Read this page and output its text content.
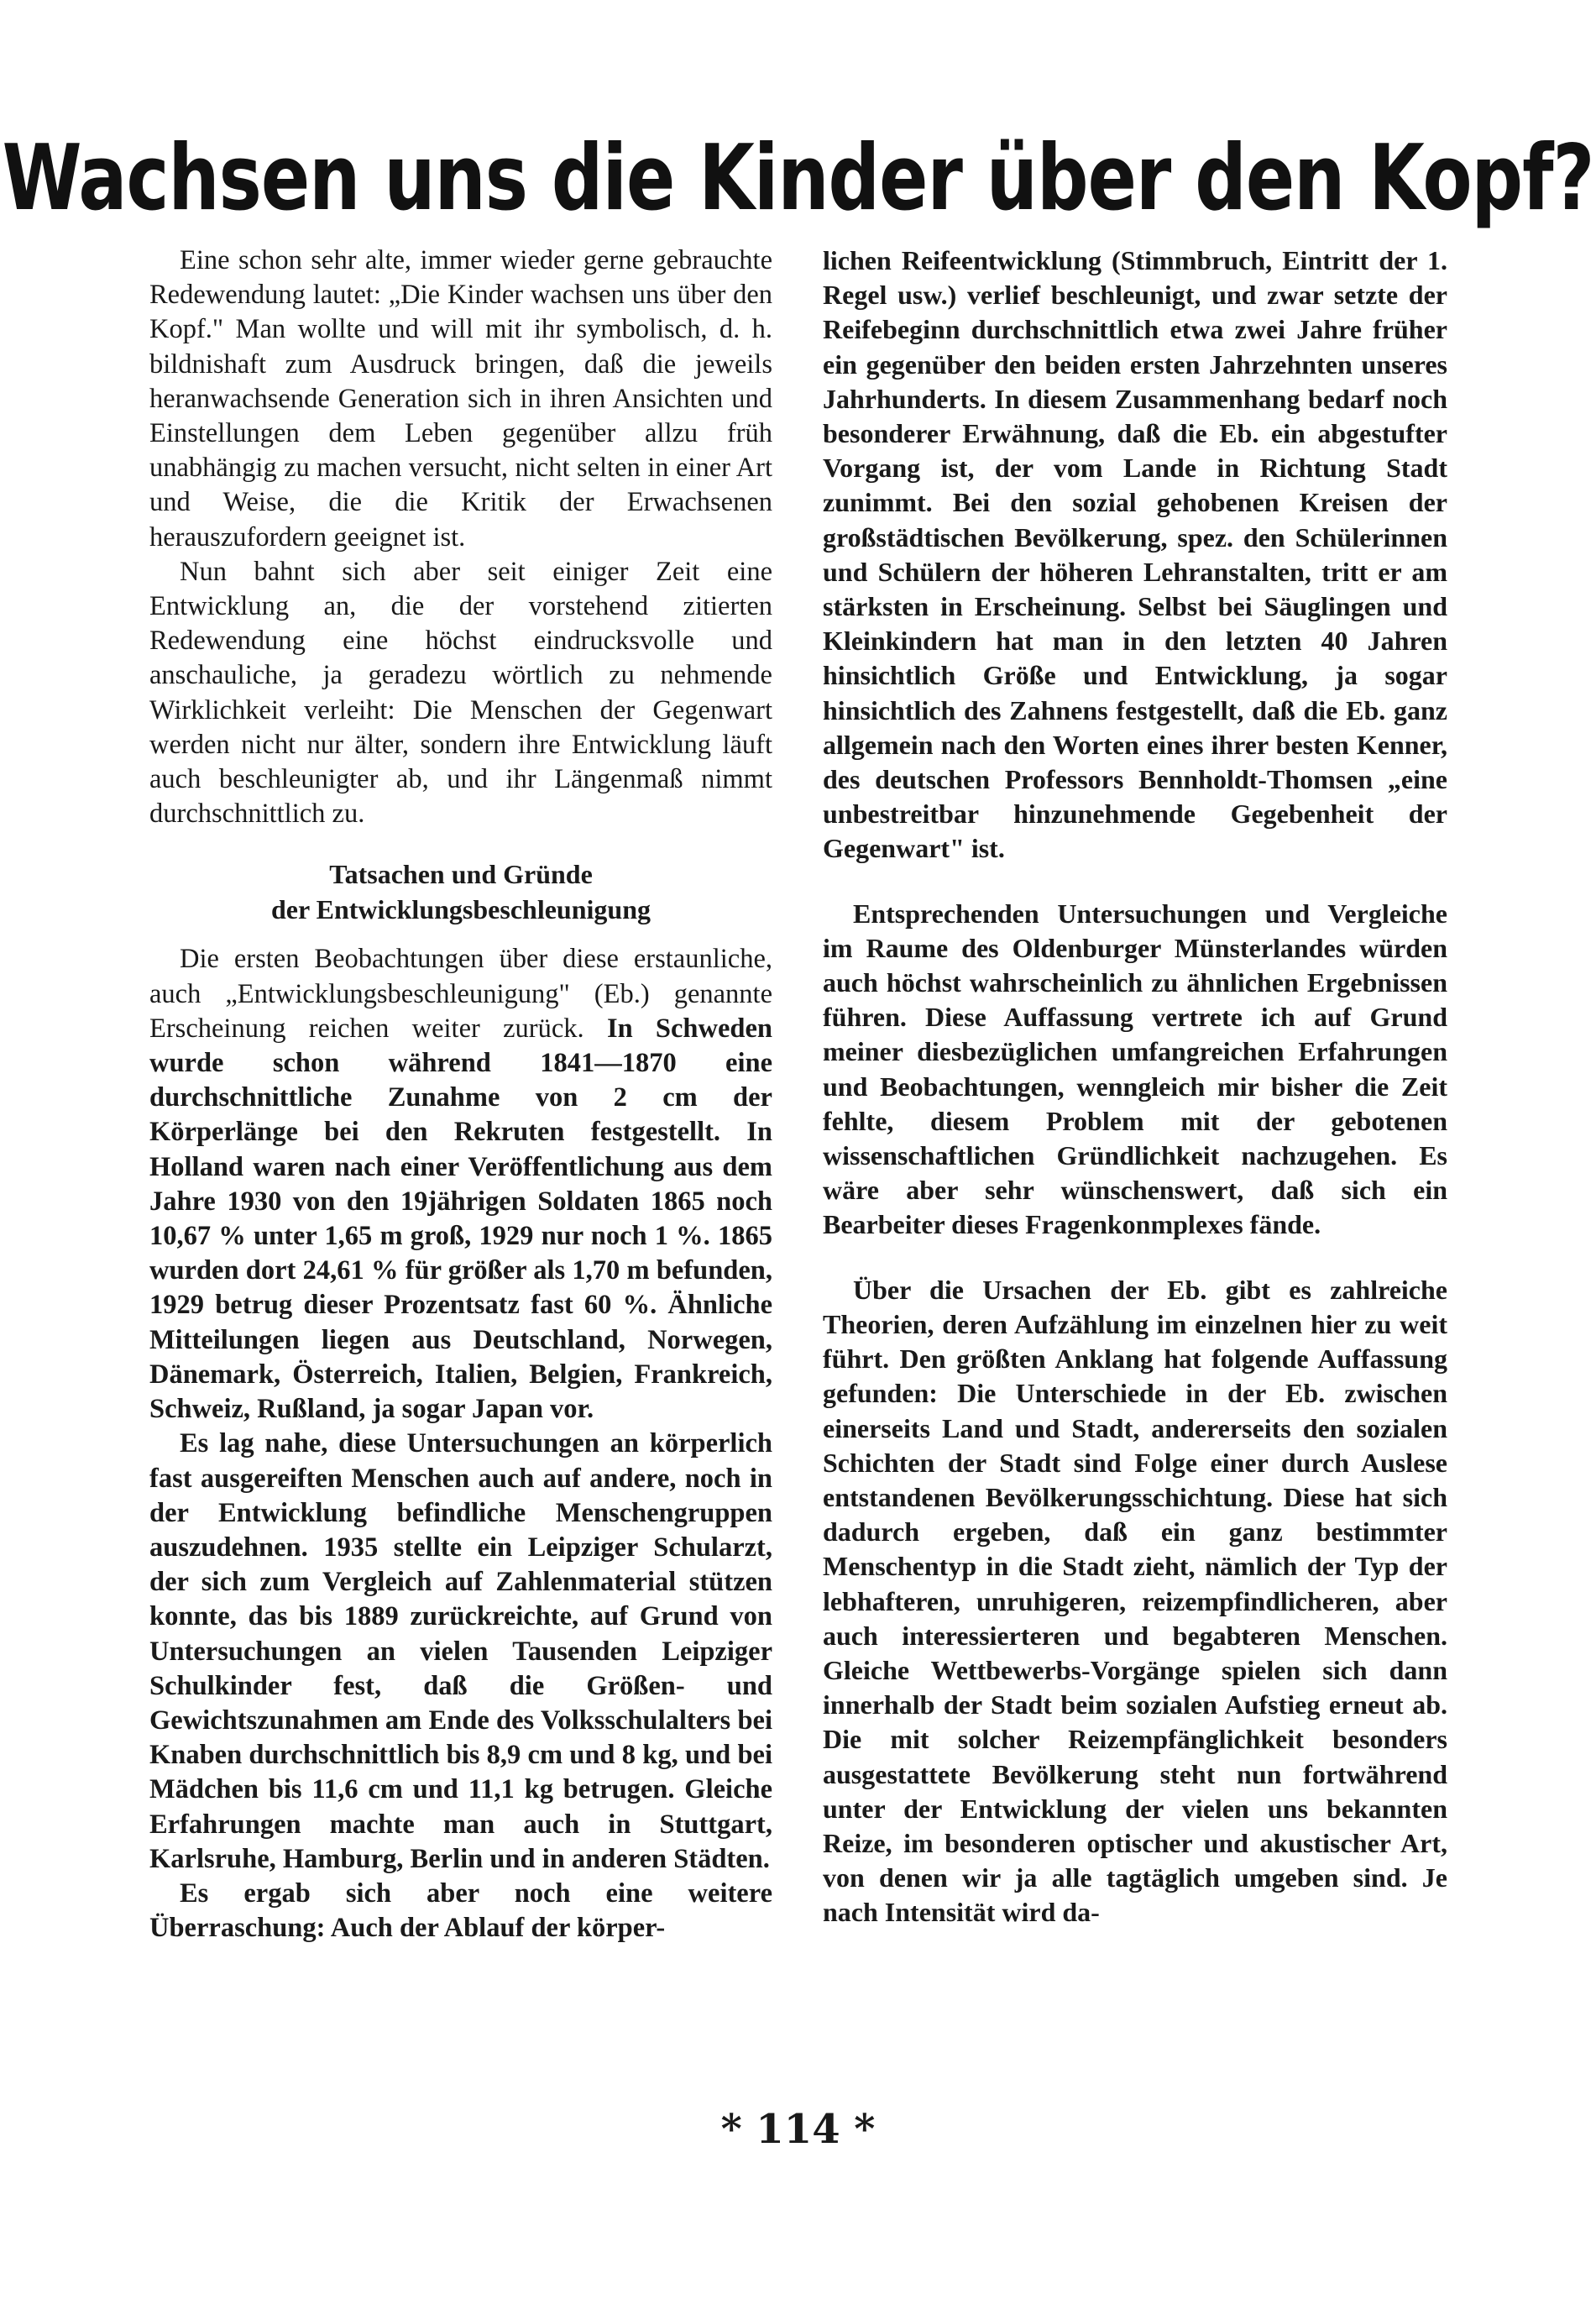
Wachsen uns die Kinder über den Kopf?

Eine schon sehr alte, immer wieder gerne gebrauchte Redewendung lautet: „Die Kinder wachsen uns über den Kopf." Man wollte und will mit ihr symbolisch, d. h. bildnishaft zum Ausdruck bringen, daß die jeweils heranwachsende Generation sich in ihren Ansichten und Einstellungen dem Leben gegenüber allzu früh unabhängig zu machen versucht, nicht selten in einer Art und Weise, die die Kritik der Erwachsenen herauszufordern geeignet ist.

Nun bahnt sich aber seit einiger Zeit eine Entwicklung an, die der vorstehend zitierten Redewendung eine höchst eindrucksvolle und anschauliche, ja geradezu wörtlich zu nehmende Wirklichkeit verleiht: Die Menschen der Gegenwart werden nicht nur älter, sondern ihre Entwicklung läuft auch beschleunigter ab, und ihr Längenmaß nimmt durchschnittlich zu.

Tatsachen und Gründe
der Entwicklungsbeschleunigung

Die ersten Beobachtungen über diese erstaunliche, auch „Entwicklungsbeschleunigung" (Eb.) genannte Erscheinung reichen weiter zurück. In Schweden wurde schon während 1841—1870 eine durchschnittliche Zunahme von 2 cm der Körperlänge bei den Rekruten festgestellt. In Holland waren nach einer Veröffentlichung aus dem Jahre 1930 von den 19jährigen Soldaten 1865 noch 10,67 % unter 1,65 m groß, 1929 nur noch 1 %. 1865 wurden dort 24,61 % für größer als 1,70 m befunden, 1929 betrug dieser Prozentsatz fast 60 %. Ähnliche Mitteilungen liegen aus Deutschland, Norwegen, Dänemark, Österreich, Italien, Belgien, Frankreich, Schweiz, Rußland, ja sogar Japan vor.

Es lag nahe, diese Untersuchungen an körperlich fast ausgereiften Menschen auch auf andere, noch in der Entwicklung befindliche Menschengruppen auszudehnen. 1935 stellte ein Leipziger Schularzt, der sich zum Vergleich auf Zahlenmaterial stützen konnte, das bis 1889 zurückreichte, auf Grund von Untersuchungen an vielen Tausenden Leipziger Schulkinder fest, daß die Größen- und Gewichtszunahmen am Ende des Volksschulalters bei Knaben durchschnittlich bis 8,9 cm und 8 kg, und bei Mädchen bis 11,6 cm und 11,1 kg betrugen. Gleiche Erfahrungen machte man auch in Stuttgart, Karlsruhe, Hamburg, Berlin und in anderen Städten.

Es ergab sich aber noch eine weitere Überraschung: Auch der Ablauf der körper-

lichen Reifeentwicklung (Stimmbruch, Eintritt der 1. Regel usw.) verlief beschleunigt, und zwar setzte der Reifebeginn durchschnittlich etwa zwei Jahre früher ein gegenüber den beiden ersten Jahrzehnten unseres Jahrhunderts. In diesem Zusammenhang bedarf noch besonderer Erwähnung, daß die Eb. ein abgestufter Vorgang ist, der vom Lande in Richtung Stadt zunimmt. Bei den sozial gehobenen Kreisen der großstädtischen Bevölkerung, spez. den Schülerinnen und Schülern der höheren Lehranstalten, tritt er am stärksten in Erscheinung. Selbst bei Säuglingen und Kleinkindern hat man in den letzten 40 Jahren hinsichtlich Größe und Entwicklung, ja sogar hinsichtlich des Zahnens festgestellt, daß die Eb. ganz allgemein nach den Worten eines ihrer besten Kenner, des deutschen Professors Bennholdt-Thomsen „eine unbestreitbar hinzunehmende Gegebenheit der Gegenwart" ist.

Entsprechenden Untersuchungen und Vergleiche im Raume des Oldenburger Münsterlandes würden auch höchst wahrscheinlich zu ähnlichen Ergebnissen führen. Diese Auffassung vertrete ich auf Grund meiner diesbezüglichen umfangreichen Erfahrungen und Beobachtungen, wenngleich mir bisher die Zeit fehlte, diesem Problem mit der gebotenen wissenschaftlichen Gründlichkeit nachzugehen. Es wäre aber sehr wünschenswert, daß sich ein Bearbeiter dieses Fragenkonmplexes fände.

Über die Ursachen der Eb. gibt es zahlreiche Theorien, deren Aufzählung im einzelnen hier zu weit führt. Den größten Anklang hat folgende Auffassung gefunden: Die Unterschiede in der Eb. zwischen einerseits Land und Stadt, andererseits den sozialen Schichten der Stadt sind Folge einer durch Auslese entstandenen Bevölkerungsschichtung. Diese hat sich dadurch ergeben, daß ein ganz bestimmter Menschentyp in die Stadt zieht, nämlich der Typ der lebhafteren, unruhigeren, reizempfindlicheren, aber auch interessierteren und begabteren Menschen. Gleiche Wettbewerbs-Vorgänge spielen sich dann innerhalb der Stadt beim sozialen Aufstieg erneut ab. Die mit solcher Reizempfänglichkeit besonders ausgestattete Bevölkerung steht nun fortwährend unter der Entwicklung der vielen uns bekannten Reize, im besonderen optischer und akustischer Art, von denen wir ja alle tagtäglich umgeben sind. Je nach Intensität wird da-

* 114 *
